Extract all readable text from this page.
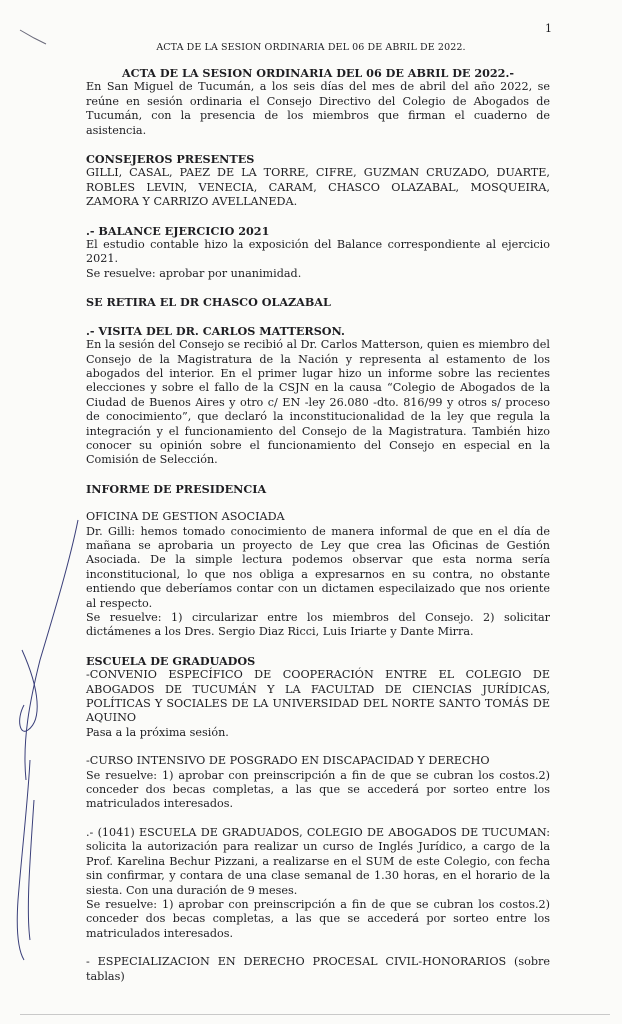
1
ACTA DE LA SESION ORDINARIA DEL 06 DE ABRIL DE 2022.

ACTA DE LA SESION ORDINARIA DEL 06 DE ABRIL DE 2022.-

En San Miguel de Tucumán, a los seis días del mes de abril del año 2022, se reúne en sesión ordinaria el Consejo Directivo del Colegio de Abogados de Tucumán, con la presencia de los miembros que firman el cuaderno de asistencia.

CONSEJEROS PRESENTES

GILLI, CASAL, PAEZ DE LA TORRE, CIFRE, GUZMAN CRUZADO, DUARTE, ROBLES LEVIN, VENECIA, CARAM, CHASCO OLAZABAL, MOSQUEIRA, ZAMORA Y CARRIZO AVELLANEDA.

.- BALANCE EJERCICIO 2021

El estudio contable hizo la exposición del Balance correspondiente al ejercicio 2021.

Se resuelve: aprobar por unanimidad.

SE RETIRA EL DR CHASCO OLAZABAL

.- VISITA DEL DR. CARLOS MATTERSON.

En la sesión del Consejo se recibió al Dr. Carlos Matterson, quien es miembro del Consejo de la Magistratura de la Nación y representa al estamento de los abogados del interior. En el primer lugar hizo un informe sobre las recientes elecciones y sobre el fallo de la CSJN en la causa “Colegio de Abogados de la Ciudad de Buenos Aires y otro c/ EN -ley 26.080 -dto. 816/99 y otros s/ proceso de conocimiento”, que declaró la inconstitucionalidad de la ley que regula la integración y el funcionamiento del Consejo de la Magistratura. También hizo conocer su opinión sobre el funcionamiento del Consejo en especial en la Comisión de Selección.

INFORME DE PRESIDENCIA

OFICINA DE GESTION ASOCIADA

Dr. Gilli: hemos tomado conocimiento de manera informal de que en el día de mañana se aprobaria un proyecto de Ley que crea las Oficinas de Gestión Asociada. De la simple lectura podemos observar que esta norma sería inconstitucional, lo que nos obliga a expresarnos en su contra, no obstante entiendo que deberíamos contar con un dictamen especilaizado que nos oriente al respecto.

Se resuelve: 1) circularizar entre los miembros del Consejo. 2) solicitar dictámenes a los Dres. Sergio Diaz Ricci, Luis Iriarte y Dante Mirra.

ESCUELA DE GRADUADOS

-CONVENIO ESPECÍFICO DE COOPERACIÓN ENTRE EL COLEGIO DE ABOGADOS DE TUCUMÁN Y LA FACULTAD DE CIENCIAS JURÍDICAS, POLÍTICAS Y SOCIALES DE LA UNIVERSIDAD DEL NORTE SANTO TOMÁS DE AQUINO

Pasa a la próxima sesión.

-CURSO INTENSIVO DE POSGRADO EN DISCAPACIDAD Y DERECHO

Se resuelve: 1) aprobar con preinscripción a fin de que se cubran los costos.2) conceder dos becas completas, a las que se accederá por sorteo entre los matriculados interesados.

.- (1041) ESCUELA DE GRADUADOS, COLEGIO DE ABOGADOS DE TUCUMAN: solicita la autorización para realizar un curso de Inglés Jurídico, a cargo de la Prof. Karelina Bechur Pizzani, a realizarse en el SUM de este Colegio, con fecha sin confirmar, y contara de una clase semanal de 1.30 horas, en el horario de la siesta. Con una duración de 9 meses.

Se resuelve: 1) aprobar con preinscripción a fin de que se cubran los costos.2) conceder dos becas completas, a las que se accederá por sorteo entre los matriculados interesados.

- ESPECIALIZACION EN DERECHO PROCESAL CIVIL-HONORARIOS (sobre tablas)
